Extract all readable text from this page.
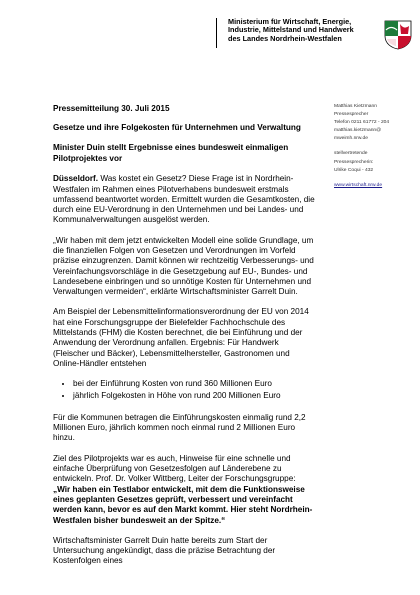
Ministerium für Wirtschaft, Energie,
Industrie, Mittelstand und Handwerk
des Landes Nordrhein-Westfalen
Pressemitteilung 30. Juli 2015
Gesetze und ihre Folgekosten für Unternehmen und Verwaltung
Minister Duin stellt Ergebnisse eines bundesweit einmaligen Pilotprojektes vor
Düsseldorf. Was kostet ein Gesetz? Diese Frage ist in Nordrhein-Westfalen im Rahmen eines Pilotverhabens bundesweit erstmals umfassend beantwortet worden. Ermittelt wurden die Gesamtkosten, die durch eine EU-Verordnung in den Unternehmen und bei Landes- und Kommunalverwaltungen ausgelöst werden.
„Wir haben mit dem jetzt entwickelten Modell eine solide Grundlage, um die finanziellen Folgen von Gesetzen und Verordnungen im Vorfeld präzise einzugrenzen. Damit können wir rechtzeitig Verbesserungs- und Vereinfachungsvorschläge in die Gesetzgebung auf EU-, Bundes- und Landesebene einbringen und so unnötige Kosten für Unternehmen und Verwaltungen vermeiden“, erklärte Wirtschaftsminister Garrelt Duin.
Am Beispiel der Lebensmittelinformationsverordnung der EU von 2014 hat eine Forschungsgruppe der Bielefelder Fachhochschule des Mittelstands (FHM) die Kosten berechnet, die bei Einführung und der Anwendung der Verordnung anfallen. Ergebnis: Für Handwerk (Fleischer und Bäcker), Lebensmittelhersteller, Gastronomen und Online-Händler entstehen
• bei der Einführung Kosten von rund 360 Millionen Euro
• jährlich Folgekosten in Höhe von rund 200 Millionen Euro
Für die Kommunen betragen die Einführungskosten einmalig rund 2,2 Millionen Euro, jährlich kommen noch einmal rund 2 Millionen Euro hinzu.
Ziel des Pilotprojekts war es auch, Hinweise für eine schnelle und einfache Überprüfung von Gesetzesfolgen auf Länderebene zu entwickeln. Prof. Dr. Volker Wittberg, Leiter der Forschungsgruppe: „Wir haben ein Testlabor entwickelt, mit dem die Funktionsweise eines geplanten Gesetzes geprüft, verbessert und vereinfacht werden kann, bevor es auf den Markt kommt. Hier steht Nordrhein-Westfalen bisher bundesweit an der Spitze.“
Wirtschaftsminister Garrelt Duin hatte bereits zum Start der Untersuchung angekündigt, dass die präzise Betrachtung der Kostenfolgen eines
Matthias Kietzmann
Pressesprecher
Telefon 0211 61772 - 204
matthias.kietzmann@
mweimh.nrw.de
stellvertretende
Pressesprecherin:
Ulrike Coqui - 432
www.wirtschaft.nrw.de
